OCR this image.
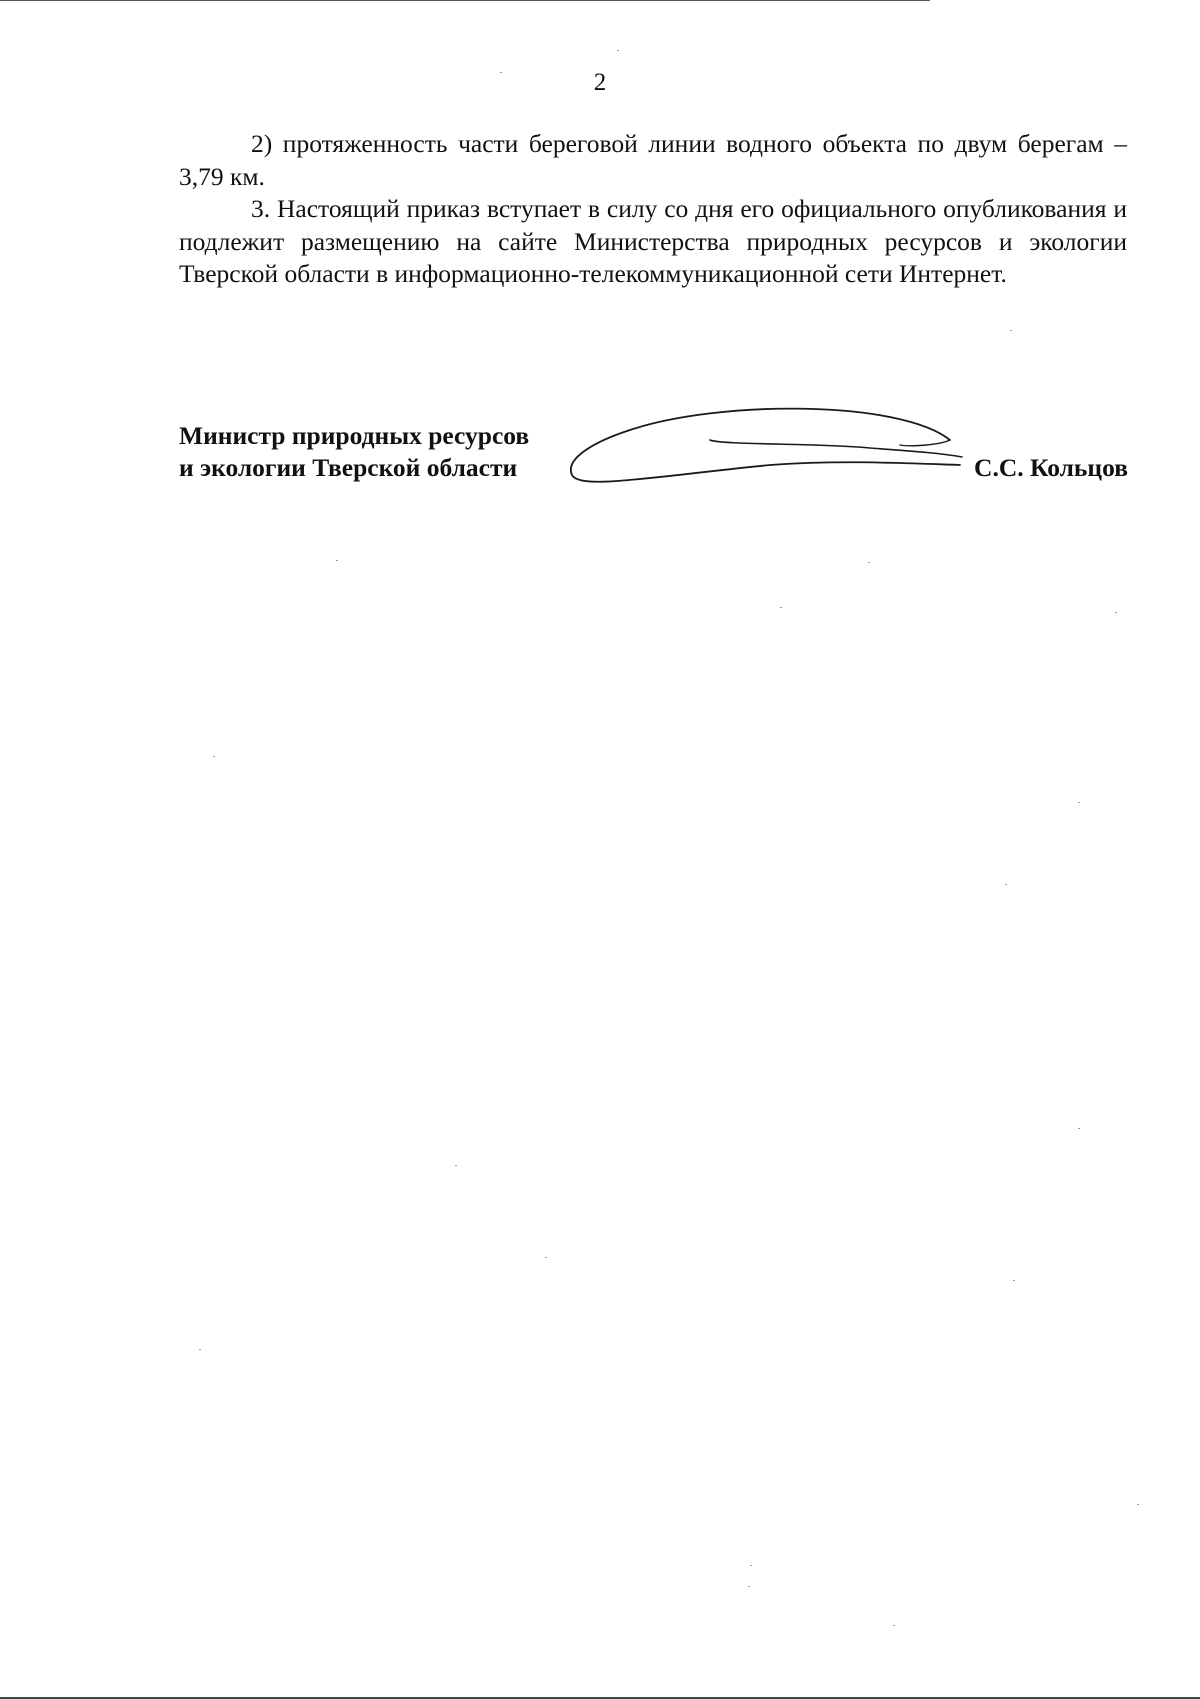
2

2) протяженность части береговой линии водного объекта по двум берегам – 3,79 км.

3. Настоящий приказ вступает в силу со дня его официального опубликования и подлежит размещению на сайте Министерства природных ресурсов и экологии Тверской области в информационно-телекоммуникационной сети Интернет.

Министр природных ресурсов
и экологии Тверской области	С.С. Кольцов
